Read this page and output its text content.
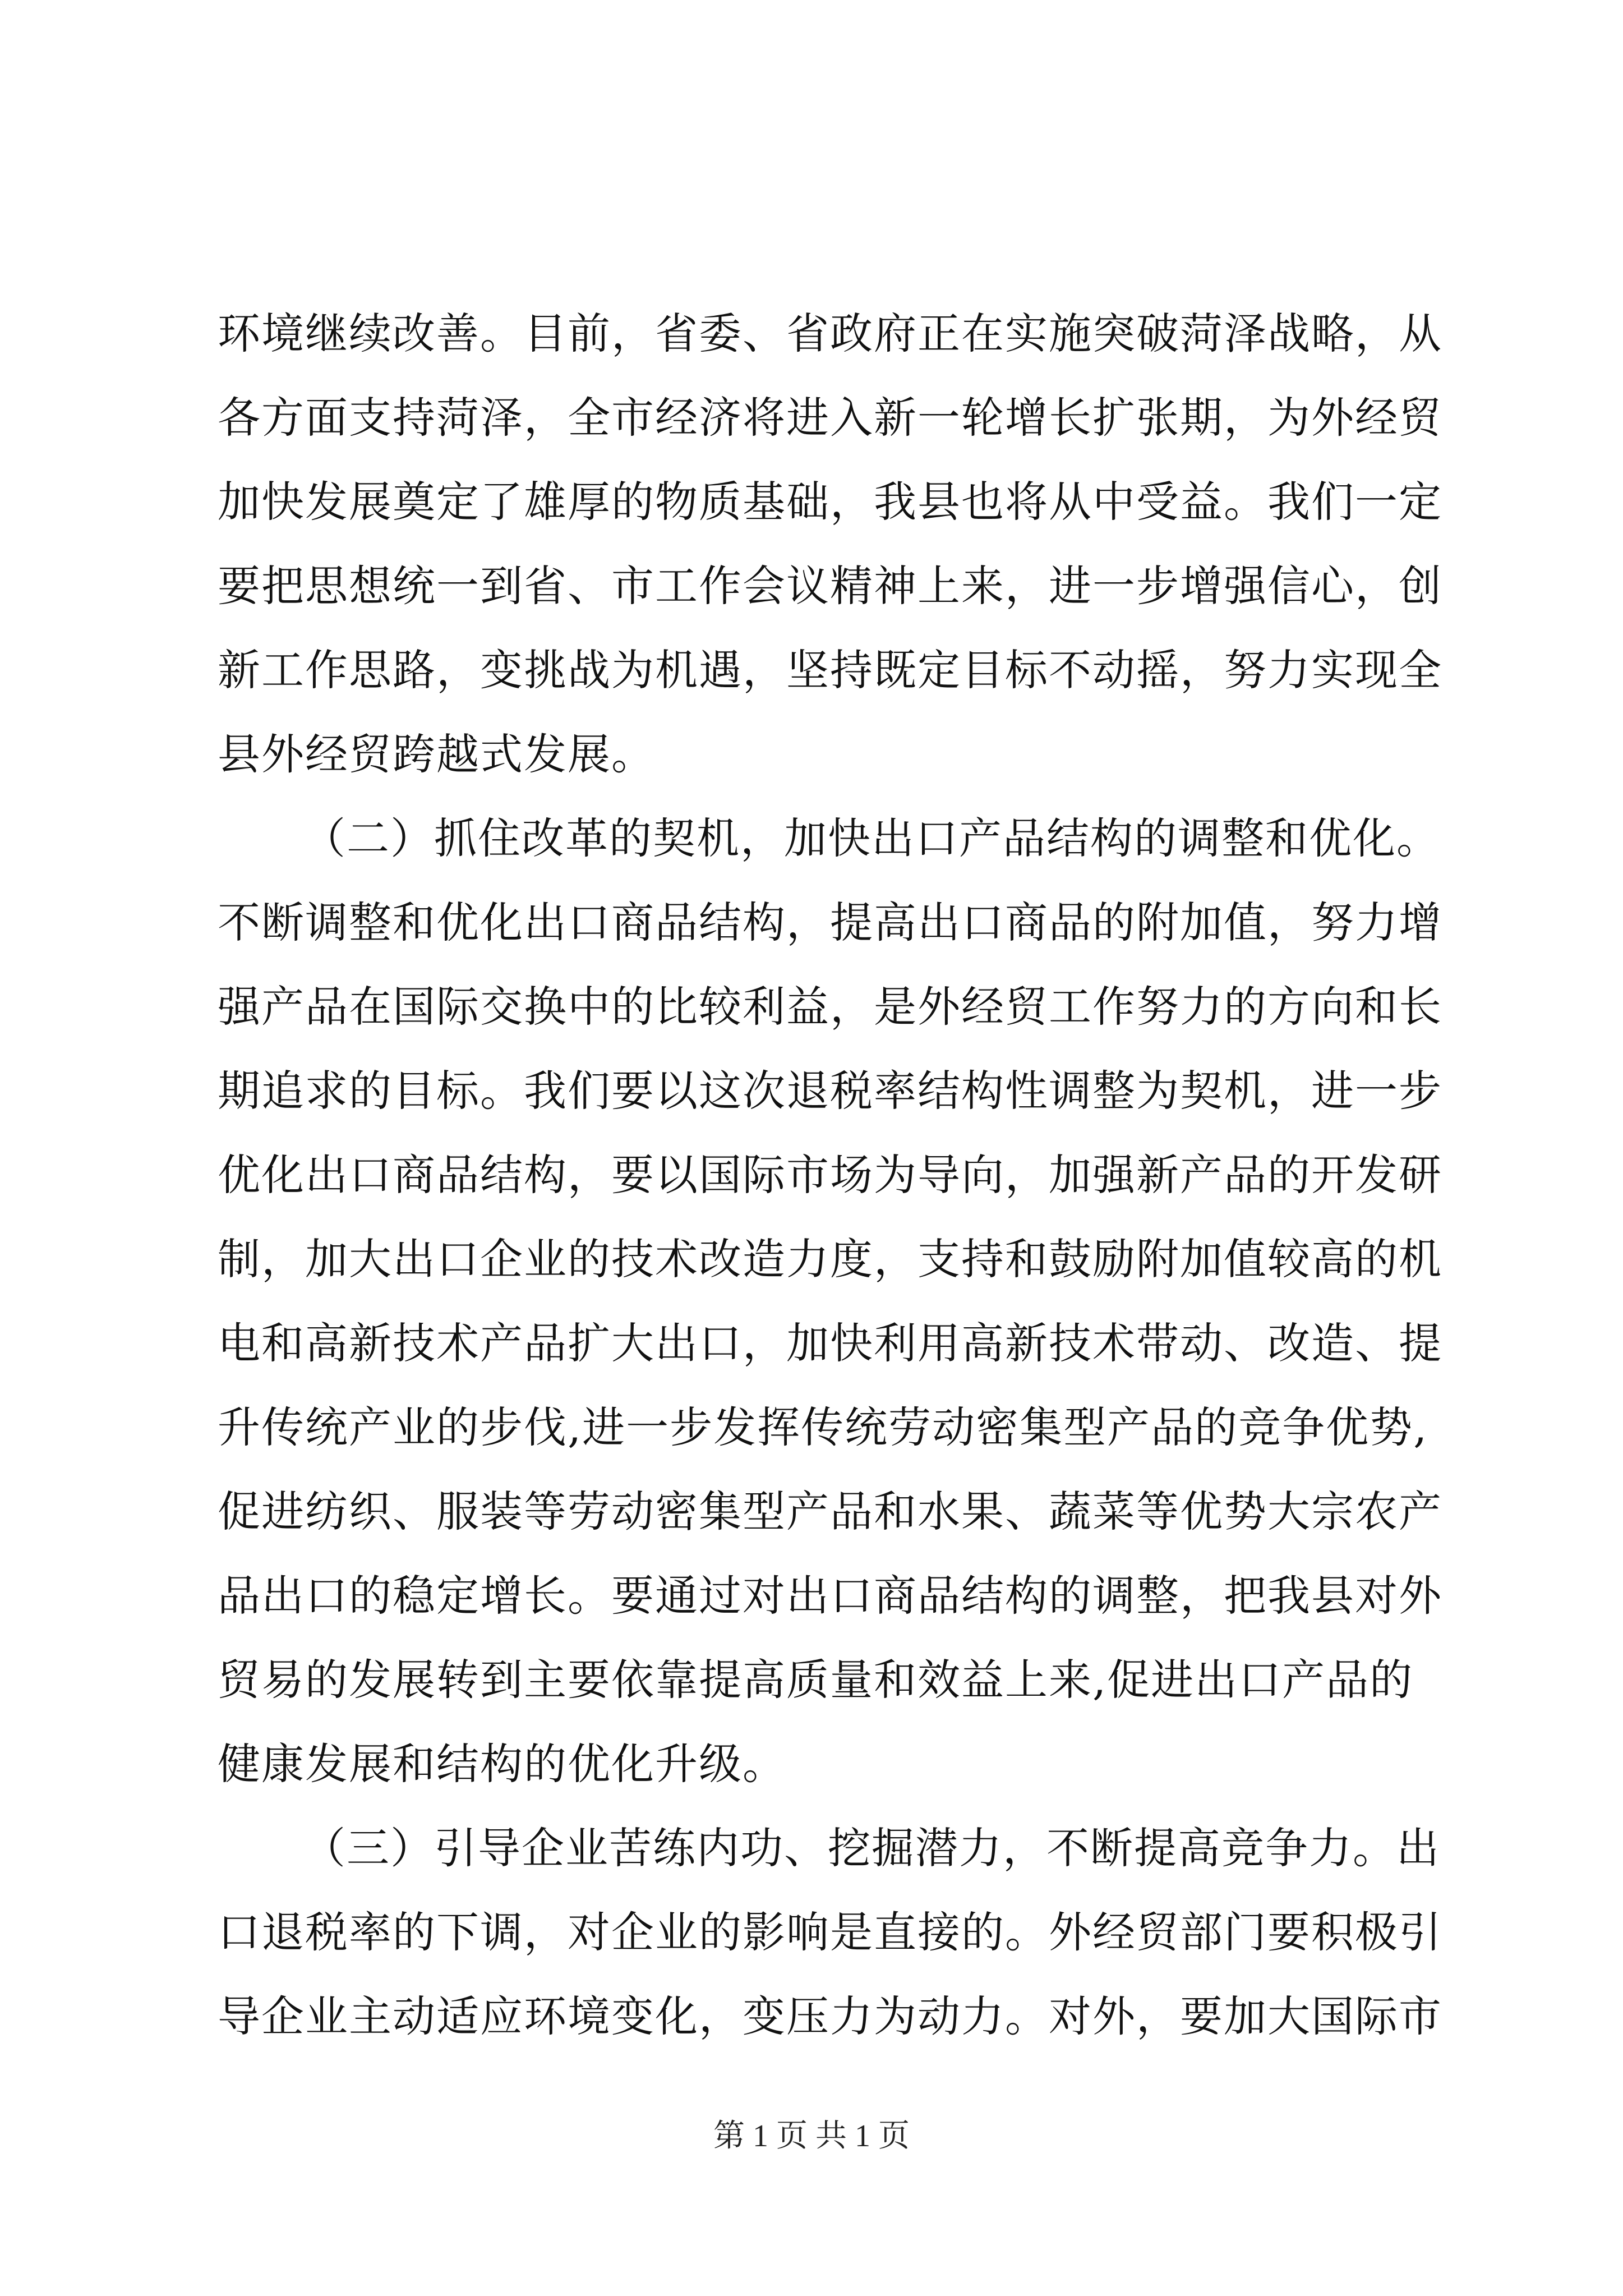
环境继续改善。目前，省委、省政府正在实施突破菏泽战略，从
各方面支持菏泽，全市经济将进入新一轮增长扩张期，为外经贸
加快发展奠定了雄厚的物质基础，我县也将从中受益。我们一定
要把思想统一到省、市工作会议精神上来，进一步增强信心，创
新工作思路，变挑战为机遇，坚持既定目标不动摇，努力实现全
县外经贸跨越式发展。
（二）抓住改革的契机，加快出口产品结构的调整和优化。
不断调整和优化出口商品结构，提高出口商品的附加值，努力增
强产品在国际交换中的比较利益，是外经贸工作努力的方向和长
期追求的目标。我们要以这次退税率结构性调整为契机，进一步
优化出口商品结构，要以国际市场为导向，加强新产品的开发研
制，加大出口企业的技术改造力度，支持和鼓励附加值较高的机
电和高新技术产品扩大出口，加快利用高新技术带动、改造、提
升传统产业的步伐,进一步发挥传统劳动密集型产品的竞争优势,
促进纺织、服装等劳动密集型产品和水果、蔬菜等优势大宗农产
品出口的稳定增长。要通过对出口商品结构的调整，把我县对外
贸易的发展转到主要依靠提高质量和效益上来,促进出口产品的
健康发展和结构的优化升级。
（三）引导企业苦练内功、挖掘潜力，不断提高竞争力。出
口退税率的下调，对企业的影响是直接的。外经贸部门要积极引
导企业主动适应环境变化，变压力为动力。对外，要加大国际市
第 1 页 共 1 页
